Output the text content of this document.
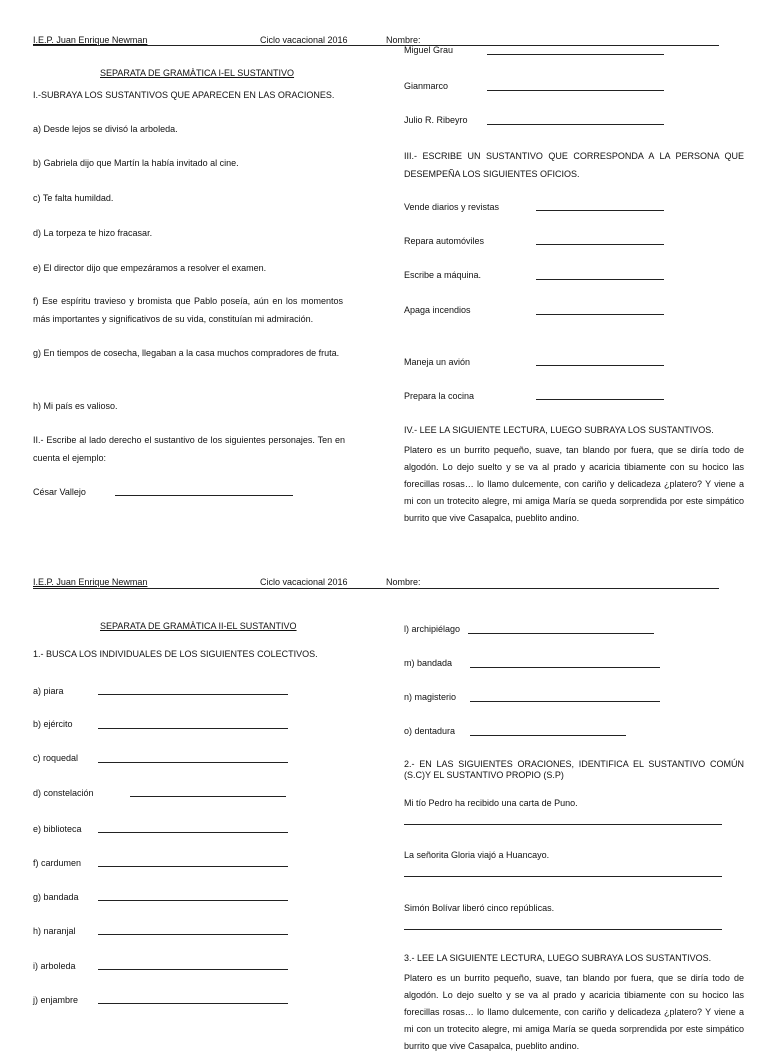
I.E.P. Juan Enrique Newman	Ciclo vacacional 2016	Nombre:
SEPARATA DE GRAMÀTICA I-EL SUSTANTIVO
I.-SUBRAYA LOS SUSTANTIVOS QUE APARECEN EN LAS ORACIONES.
a) Desde lejos se divisó la arboleda.
b) Gabriela dijo que Martín la había invitado al cine.
c) Te falta humildad.
d) La torpeza te hizo fracasar.
e) El director dijo que empezáramos a resolver el examen.
f) Ese espíritu travieso y bromista que Pablo poseía, aún en los momentos más importantes y significativos de su vida, constituían mi admiración.
g) En tiempos de cosecha, llegaban a la casa muchos compradores de fruta.
h) Mi país es valioso.
II.- Escribe al lado derecho el sustantivo de los siguientes personajes. Ten en cuenta el ejemplo:
César Vallejo
Miguel Grau
Gianmarco
Julio R. Ribeyro
III.- ESCRIBE UN SUSTANTIVO QUE CORRESPONDA A LA PERSONA QUE DESEMPEÑA LOS SIGUIENTES OFICIOS.
Vende diarios y revistas
Repara automóviles
Escribe a máquina.
Apaga incendios
Maneja un avión
Prepara la cocina
IV.- LEE LA SIGUIENTE LECTURA, LUEGO SUBRAYA LOS SUSTANTIVOS.
Platero es un burrito pequeño, suave, tan blando por fuera, que se diría todo de algodón. Lo dejo suelto y se va al prado y acaricia tibiamente con su hocico las forecillas rosas… lo llamo dulcemente, con cariño y delicadeza ¿platero? Y viene a mi con un trotecito alegre, mi amiga María se queda sorprendida por este simpático burrito que vive Casapalca, pueblito andino.
I.E.P. Juan Enrique Newman	Ciclo vacacional 2016	Nombre:
SEPARATA DE GRAMÀTICA II-EL SUSTANTIVO
1.- BUSCA LOS INDIVIDUALES DE LOS SIGUIENTES COLECTIVOS.
a) piara
b) ejército
c) roquedal
d) constelación
e) biblioteca
f) cardumen
g) bandada
h) naranjal
i) arboleda
j) enjambre
l) archipiélago
m) bandada
n) magisterio
o) dentadura
2.- EN LAS SIGUIENTES ORACIONES, IDENTIFICA EL SUSTANTIVO COMÚN (S.C)Y EL SUSTANTIVO PROPIO (S.P)
Mi tío Pedro ha recibido una carta de Puno.
La señorita Gloria viajó a Huancayo.
Simón Bolívar liberó cinco repúblicas.
3.- LEE LA SIGUIENTE LECTURA, LUEGO SUBRAYA LOS SUSTANTIVOS.
Platero es un burrito pequeño, suave, tan blando por fuera, que se diría todo de algodón. Lo dejo suelto y se va al prado y acaricia tibiamente con su hocico las forecillas rosas… lo llamo dulcemente, con cariño y delicadeza ¿platero? Y viene a mi con un trotecito alegre, mi amiga María se queda sorprendida por este simpático burrito que vive Casapalca, pueblito andino.
